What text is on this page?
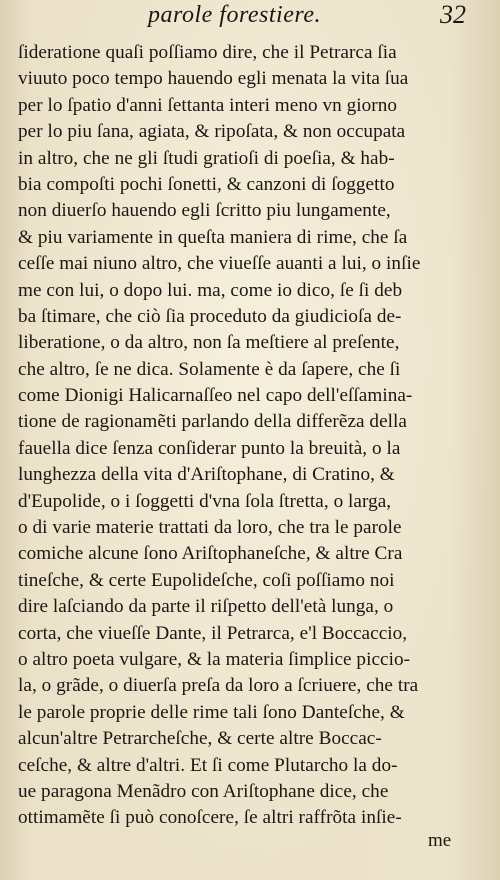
parole forestiere.	32
ſideratione quaſi poſſiamo dire, che il Petrarca ſia
viuuto poco tempo hauendo egli menata la vita ſua
per lo ſpatio d'anni ſettanta interi meno vn giorno
per lo piu ſana, agiata, & ripoſata, & non occupata
in altro, che ne gli ſtudi gratioſi di poeſia, & hab-
bia compoſti pochi ſonetti, & canzoni di ſoggetto
non diuerſo hauendo egli ſcritto piu lungamente,
& piu variamente in queſta maniera di rime, che ſa
ceſſe mai niuno altro, che viueſſe auanti a lui, o inſie
me con lui, o dopo lui. ma, come io dico, ſe ſi deb
ba ſtimare, che ciò ſia proceduto da giudicioſa de-
liberatione, o da altro, non ſa meſtiere al preſente,
che altro, ſe ne dica. Solamente è da ſapere, che ſi
come Dionigi Halicarnaſſeo nel capo dell'eſſamina-
tione de ragionamẽti parlando della differẽza della
fauella dice ſenza conſiderar punto la breuità, o la
lunghezza della vita d'Ariſtophane, di Cratino, &
d'Eupolide, o i ſoggetti d'vna ſola ſtretta, o larga,
o di varie materie trattati da loro, che tra le parole
comiche alcune ſono Ariſtophaneſche, & altre Cra
tineſche, & certe Eupolideſche, coſi poſſiamo noi
dire laſciando da parte il riſpetto dell'età lunga, o
corta, che viueſſe Dante, il Petrarca, e'l Boccaccio,
o altro poeta vulgare, & la materia ſimplice picciо-
la, o grãde, o diuerſa preſa da loro a ſcriuere, che tra
le parole proprie delle rime tali ſono Danteſche, &
alcun'altre Petrarcheſche, & certe altre Boccac-
ceſche, & altre d'altri. Et ſi come Plutarcho la do-
ue paragona Menãdro con Ariſtophane dice, che
ottimamẽte ſi può conoſcere, ſe altri raffrõta inſie-
me
